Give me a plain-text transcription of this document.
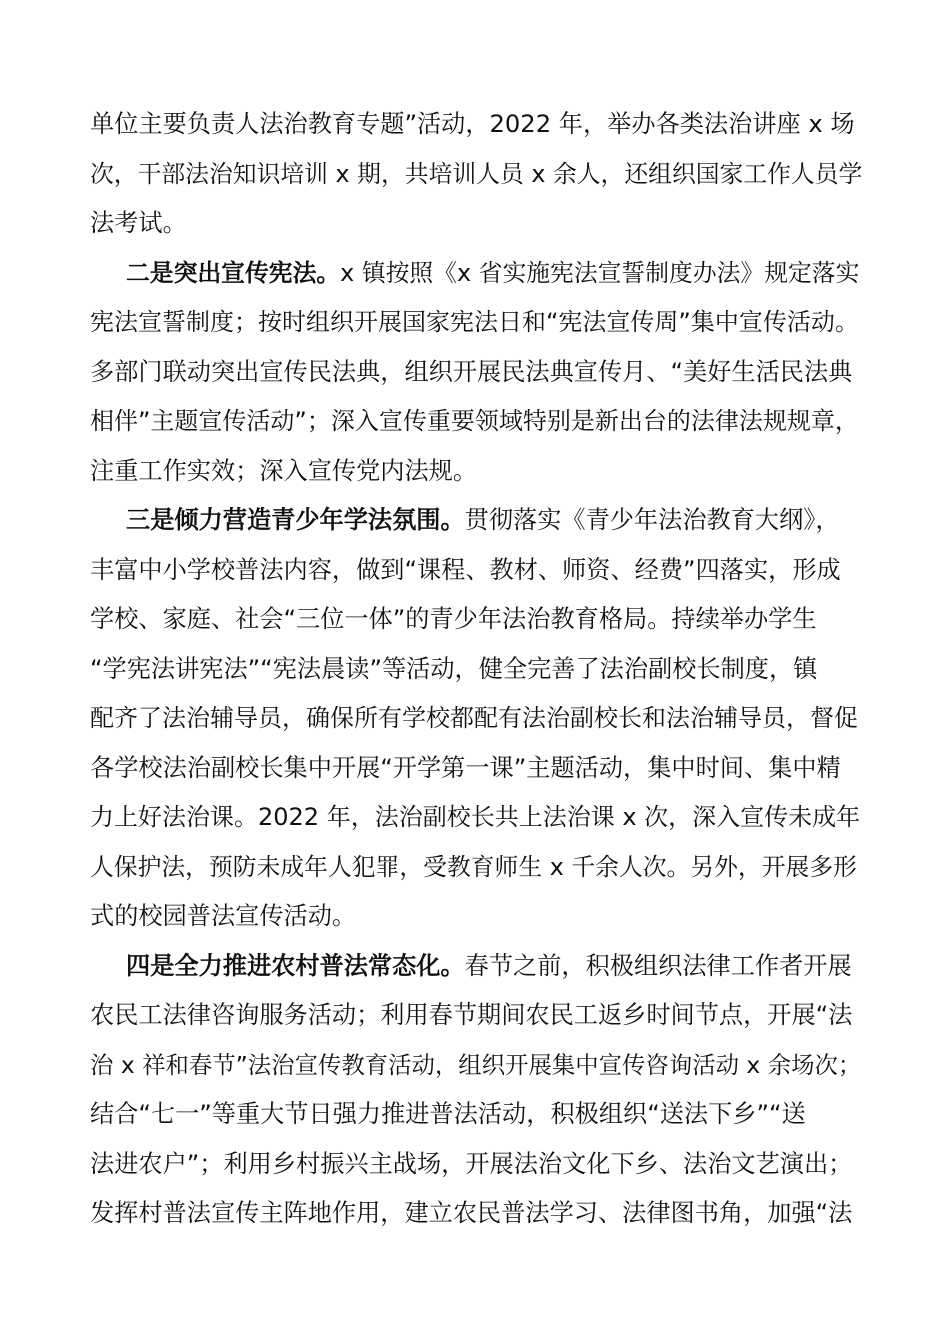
单位主要负责人法治教育专题”活动，2022 年，举办各类法治讲座 x 场
次，干部法治知识培训 x 期，共培训人员 x 余人，还组织国家工作人员学
法考试。
二是突出宣传宪法。x 镇按照《x 省实施宪法宣誓制度办法》规定落实
宪法宣誓制度；按时组织开展国家宪法日和“宪法宣传周”集中宣传活动。
多部门联动突出宣传民法典，组织开展民法典宣传月、“美好生活民法典
相伴”主题宣传活动”；深入宣传重要领域特别是新出台的法律法规规章，
注重工作实效；深入宣传党内法规。
三是倾力营造青少年学法氛围。贯彻落实《青少年法治教育大纲》，
丰富中小学校普法内容，做到“课程、教材、师资、经费”四落实，形成
学校、家庭、社会“三位一体”的青少年法治教育格局。持续举办学生
“学宪法讲宪法”“宪法晨读”等活动，健全完善了法治副校长制度，镇
配齐了法治辅导员，确保所有学校都配有法治副校长和法治辅导员，督促
各学校法治副校长集中开展“开学第一课”主题活动，集中时间、集中精
力上好法治课。2022 年，法治副校长共上法治课 x 次，深入宣传未成年
人保护法，预防未成年人犯罪，受教育师生 x 千余人次。另外，开展多形
式的校园普法宣传活动。
四是全力推进农村普法常态化。春节之前，积极组织法律工作者开展
农民工法律咨询服务活动；利用春节期间农民工返乡时间节点，开展“法
治 x 祥和春节”法治宣传教育活动，组织开展集中宣传咨询活动 x 余场次；
结合“七一”等重大节日强力推进普法活动，积极组织“送法下乡”“送
法进农户”；利用乡村振兴主战场，开展法治文化下乡、法治文艺演出；
发挥村普法宣传主阵地作用，建立农民普法学习、法律图书角，加强“法
